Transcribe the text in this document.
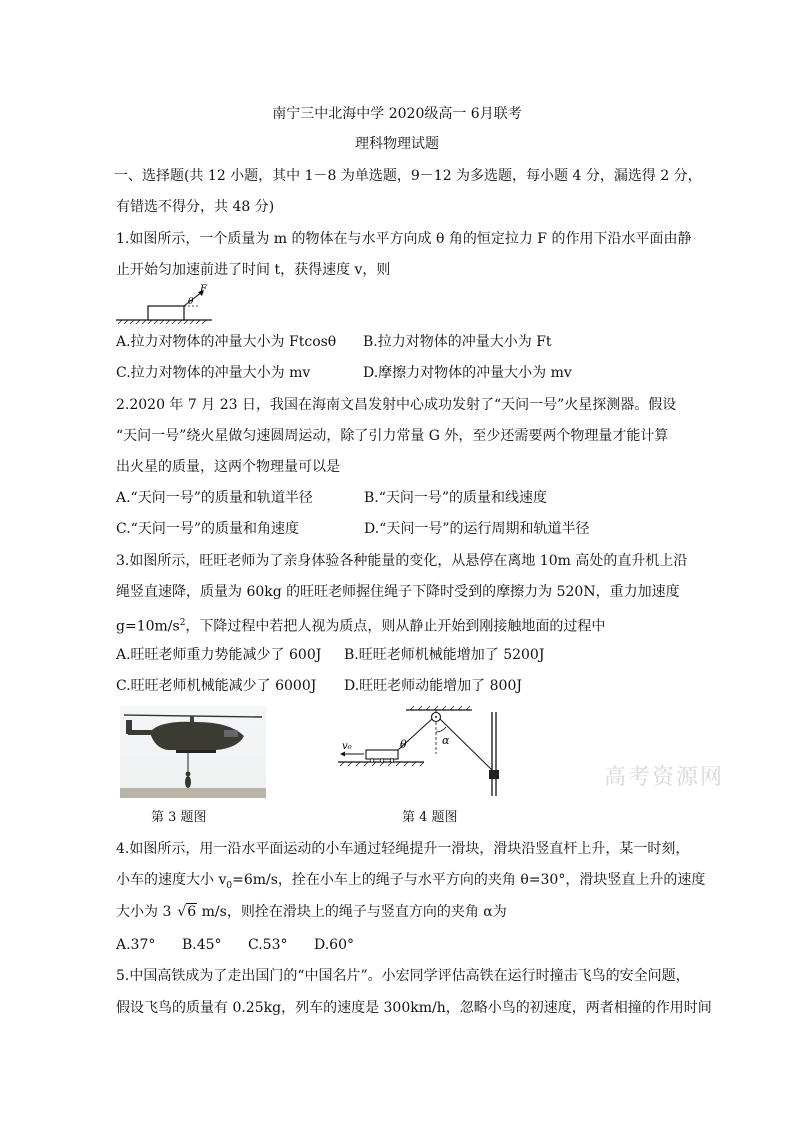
南宁三中北海中学 2020级高一 6月联考
理科物理试题
一、选择题(共 12 小题，其中 1－8 为单选题，9－12 为多选题，每小题 4 分，漏选得 2 分，
有错选不得分，共 48 分)
1.如图所示，一个质量为 m 的物体在与水平方向成 θ 角的恒定拉力 F 的作用下沿水平面由静
止开始匀加速前进了时间 t，获得速度 v，则
F
θ
A.拉力对物体的冲量大小为 Ftcosθ B.拉力对物体的冲量大小为 Ft
C.拉力对物体的冲量大小为 mv	D.摩擦力对物体的冲量大小为 mv
2.2020 年 7 月 23 日，我国在海南文昌发射中心成功发射了“天问一号”火星探测器。假设
“天问一号”绕火星做匀速圆周运动，除了引力常量 G 外，至少还需要两个物理量才能计算
出火星的质量，这两个物理量可以是
A.“天问一号”的质量和轨道半径	B.“天问一号”的质量和线速度
C.“天问一号”的质量和角速度	D.“天问一号”的运行周期和轨道半径
3.如图所示，旺旺老师为了亲身体验各种能量的变化，从悬停在离地 10m 高处的直升机上沿
绳竖直速降，质量为 60kg 的旺旺老师握住绳子下降时受到的摩擦力为 520N，重力加速度
$g=10m/s^2$，下降过程中若把人视为质点，则从静止开始到刚接触地面的过程中
A.旺旺老师重力势能减少了 600J B.旺旺老师机械能增加了 5200J
C.旺旺老师机械能减少了 6000J D.旺旺老师动能增加了 800J
α
v₀	θ
高考资源网
第 3 题图	第 4 题图
4.如图所示，用一沿水平面运动的小车通过轻绳提升一滑块，滑块沿竖直杆上升，某一时刻，
小车的速度大小 $v_0=6m/s$，拴在小车上的绳子与水平方向的夹角 θ=30°，滑块竖直上升的速度
大小为 3 √6 m/s，则拴在滑块上的绳子与竖直方向的夹角 α为
A.37° B.45° C.53° D.60°
5.中国高铁成为了走出国门的“中国名片”。小宏同学评估高铁在运行时撞击飞鸟的安全问题，
假设飞鸟的质量有 0.25kg，列车的速度是 300km/h，忽略小鸟的初速度，两者相撞的作用时间
